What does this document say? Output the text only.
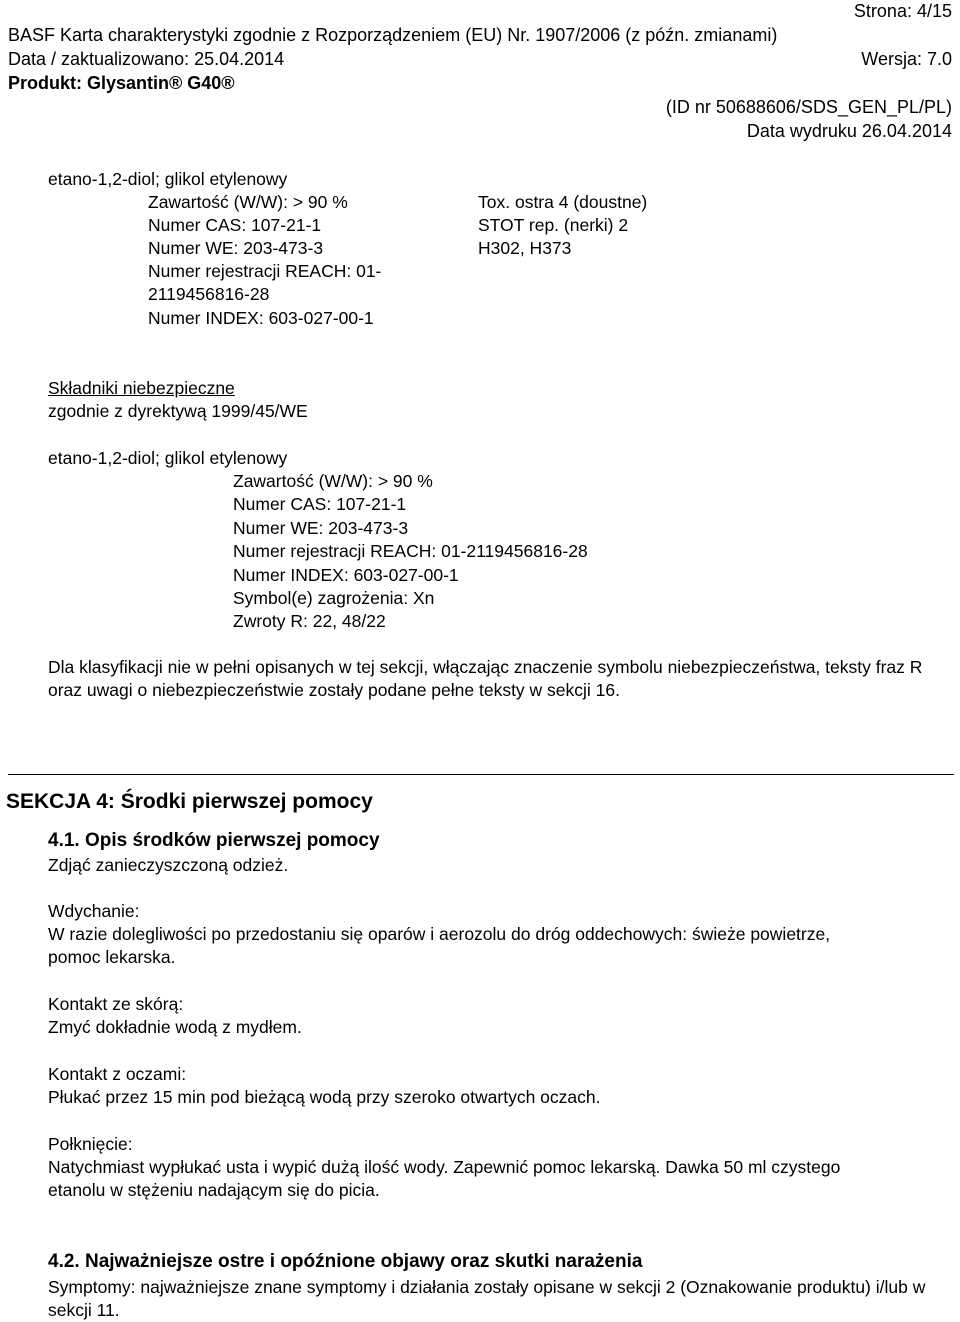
Strona: 4/15
BASF Karta charakterystyki zgodnie z Rozporządzeniem (EU) Nr. 1907/2006 (z późn. zmianami)
Data / zaktualizowano: 25.04.2014	Wersja: 7.0
Produkt: Glysantin® G40®
(ID nr 50688606/SDS_GEN_PL/PL)
Data wydruku 26.04.2014
etano-1,2-diol; glikol etylenowy
Zawartość (W/W): > 90 %
Numer CAS: 107-21-1
Numer WE: 203-473-3
Numer rejestracji REACH: 01-
2119456816-28
Numer INDEX: 603-027-00-1
Tox. ostra 4 (doustne)
STOT rep. (nerki) 2
H302, H373
Składniki niebezpieczne
zgodnie z dyrektywą 1999/45/WE
etano-1,2-diol; glikol etylenowy
Zawartość (W/W): > 90 %
Numer CAS: 107-21-1
Numer WE: 203-473-3
Numer rejestracji REACH: 01-2119456816-28
Numer INDEX: 603-027-00-1
Symbol(e) zagrożenia: Xn
Zwroty R: 22, 48/22
Dla klasyfikacji nie w pełni opisanych w tej sekcji, włączając znaczenie symbolu niebezpieczeństwa, teksty fraz R oraz uwagi o niebezpieczeństwie zostały podane pełne teksty w sekcji 16.
SEKCJA 4: Środki pierwszej pomocy
4.1. Opis środków pierwszej pomocy
Zdjąć zanieczyszczoną odzież.
Wdychanie:
W razie dolegliwości po przedostaniu się oparów i aerozolu do dróg oddechowych: świeże powietrze, pomoc lekarska.
Kontakt ze skórą:
Zmyć dokładnie wodą z mydłem.
Kontakt z oczami:
Płukać przez 15 min pod bieżącą wodą przy szeroko otwartych oczach.
Połknięcie:
Natychmiast wypłukać usta i wypić dużą ilość wody. Zapewnić pomoc lekarską. Dawka 50 ml czystego etanolu w stężeniu nadającym się do picia.
4.2. Najważniejsze ostre i opóźnione objawy oraz skutki narażenia
Symptomy: najważniejsze znane symptomy i działania zostały opisane w sekcji 2 (Oznakowanie produktu) i/lub w sekcji 11.
